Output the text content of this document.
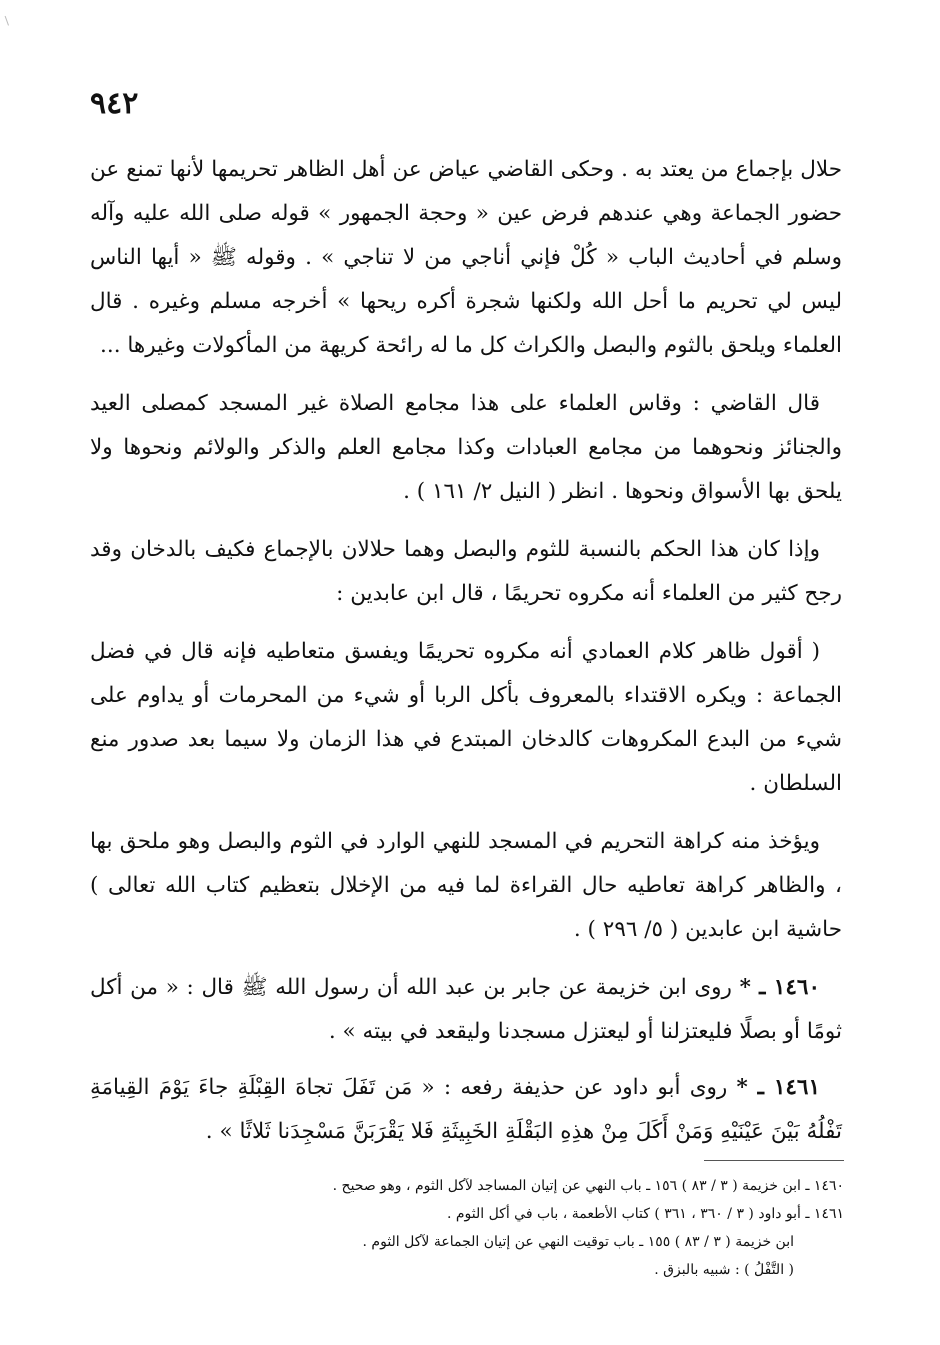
٩٤٢

حلال بإجماع من يعتد به . وحكى القاضي عياض عن أهل الظاهر تحريمها لأنها تمنع عن حضور الجماعة وهي عندهم فرض عين « وحجة الجمهور » قوله صلى الله عليه وآله وسلم في أحاديث الباب « كُلْ فإني أناجي من لا تناجي » . وقوله ﷺ « أيها الناس ليس لي تحريم ما أحل الله ولكنها شجرة أكره ريحها » أخرجه مسلم وغيره . قال العلماء ويلحق بالثوم والبصل والكراث كل ما له رائحة كريهة من المأكولات وغيرها ...

قال القاضي : وقاس العلماء على هذا مجامع الصلاة غير المسجد كمصلى العيد والجنائز ونحوهما من مجامع العبادات وكذا مجامع العلم والذكر والولائم ونحوها ولا يلحق بها الأسواق ونحوها . انظر ( النيل ٢/ ١٦١ ) .

وإذا كان هذا الحكم بالنسبة للثوم والبصل وهما حلالان بالإجماع فكيف بالدخان وقد رجح كثير من العلماء أنه مكروه تحريمًا ، قال ابن عابدين :

( أقول ظاهر كلام العمادي أنه مكروه تحريمًا ويفسق متعاطيه فإنه قال في فضل الجماعة : ويكره الاقتداء بالمعروف بأكل الربا أو شيء من المحرمات أو يداوم على شيء من البدع المكروهات كالدخان المبتدع في هذا الزمان ولا سيما بعد صدور منع السلطان .

ويؤخذ منه كراهة التحريم في المسجد للنهي الوارد في الثوم والبصل وهو ملحق بها ، والظاهر كراهة تعاطيه حال القراءة لما فيه من الإخلال بتعظيم كتاب الله تعالى ) حاشية ابن عابدين ( ٥/ ٢٩٦ ) .

١٤٦٠ ـ * روى ابن خزيمة عن جابر بن عبد الله أن رسول الله ﷺ قال : « من أكل ثومًا أو بصلًا فليعتزلنا أو ليعتزل مسجدنا وليقعد في بيته » .

١٤٦١ ـ * روى أبو داود عن حذيفة رفعه : « مَن تَفَلَ تجاهَ القِبْلَةِ جاءَ يَوْمَ القِيامَةِ تَفْلُهُ بَيْنَ عَيْنَيْهِ وَمَنْ أَكَلَ مِنْ هذِهِ البَقْلَةِ الخَبِيثَةِ فَلا يَقْرَبَنَّ مَسْجِدَنا ثَلاثًا » .

١٤٦٠ ـ ابن خزيمة ( ٣ / ٨٣ ) ١٥٦ ـ باب النهي عن إتيان المساجد لآكل الثوم ، وهو صحيح .

١٤٦١ ـ أبو داود ( ٣ / ٣٦٠ ، ٣٦١ ) كتاب الأطعمة ، باب في أكل الثوم .

ابن خزيمة ( ٣ / ٨٣ ) ١٥٥ ـ باب توقيت النهي عن إتيان الجماعة لآكل الثوم .

( التَّفْلُ ) : شبيه بالبزق .
